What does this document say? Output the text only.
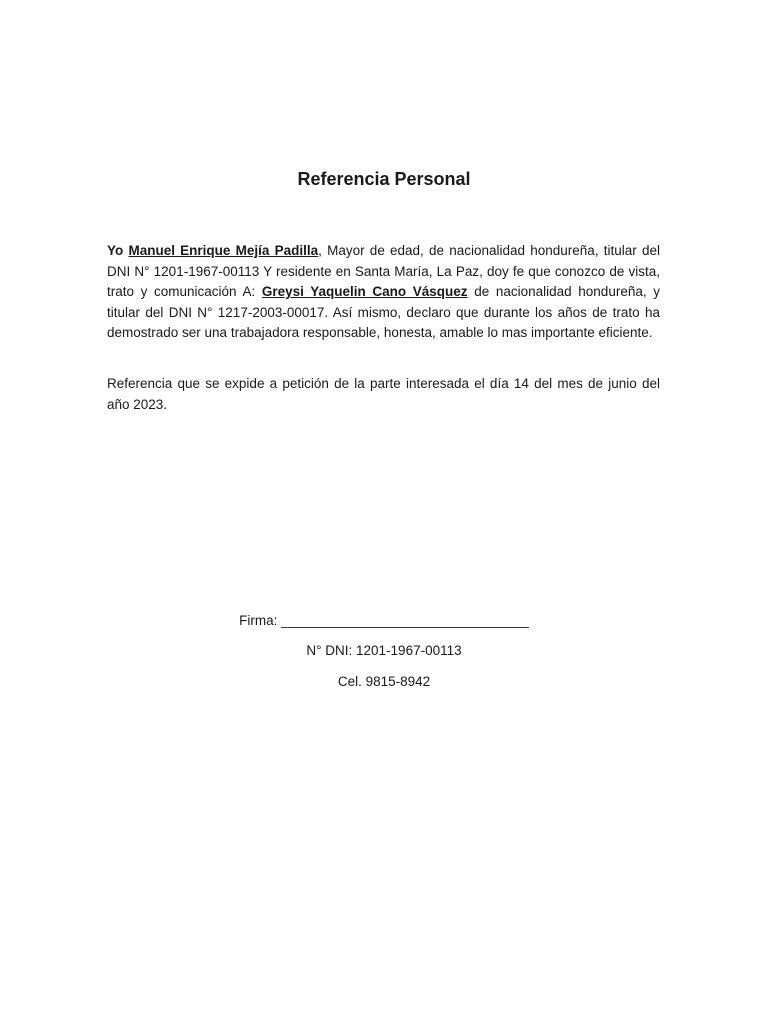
Referencia Personal

Yo Manuel Enrique Mejía Padilla, Mayor de edad, de nacionalidad hondureña, titular del DNI N° 1201-1967-00113 Y residente en Santa María, La Paz, doy fe que conozco de vista, trato y comunicación A: Greysi Yaquelin Cano Vásquez de nacionalidad hondureña, y titular del DNI N° 1217-2003-00017. Así mismo, declaro que durante los años de trato ha demostrado ser una trabajadora responsable, honesta, amable lo mas importante eficiente.

Referencia que se expide a petición de la parte interesada el día 14 del mes de junio del año 2023.

Firma: _________________________________
N° DNI: 1201-1967-00113
Cel. 9815-8942
